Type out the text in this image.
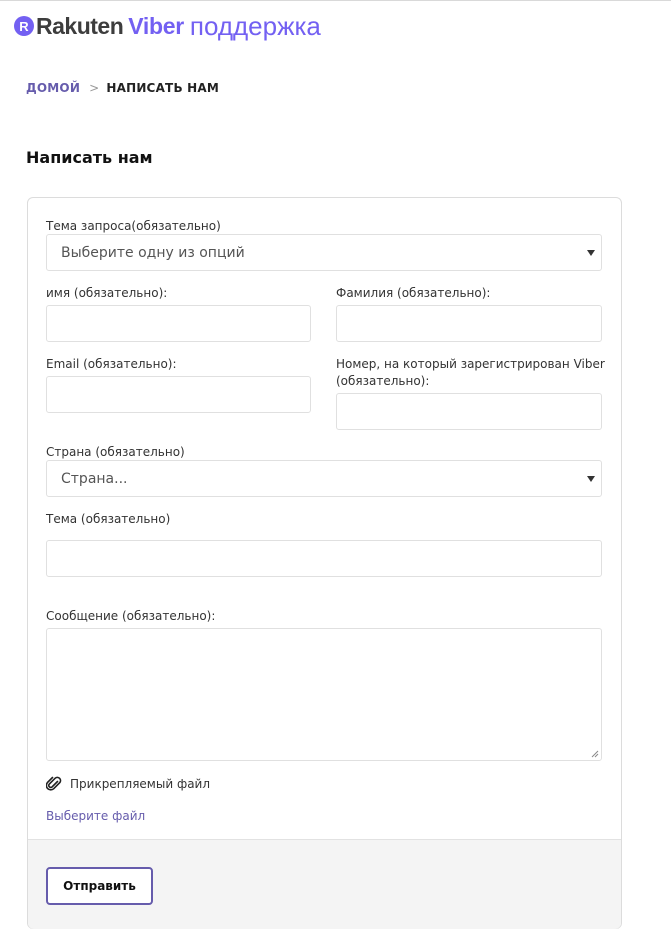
R Rakuten Viber поддержка
ДОМОЙ > НАПИСАТЬ НАМ
Написать нам
Тема запроса(обязательно)
Выберите одну из опций
имя (обязательно):	Фамилия (обязательно):
Email (обязательно):	Номер, на который зарегистрирован Viber
(обязательно):
Страна (обязательно)
Страна...
Тема (обязательно)
Сообщение (обязательно):
Прикрепляемый файл
Выберите файл
Отправить
